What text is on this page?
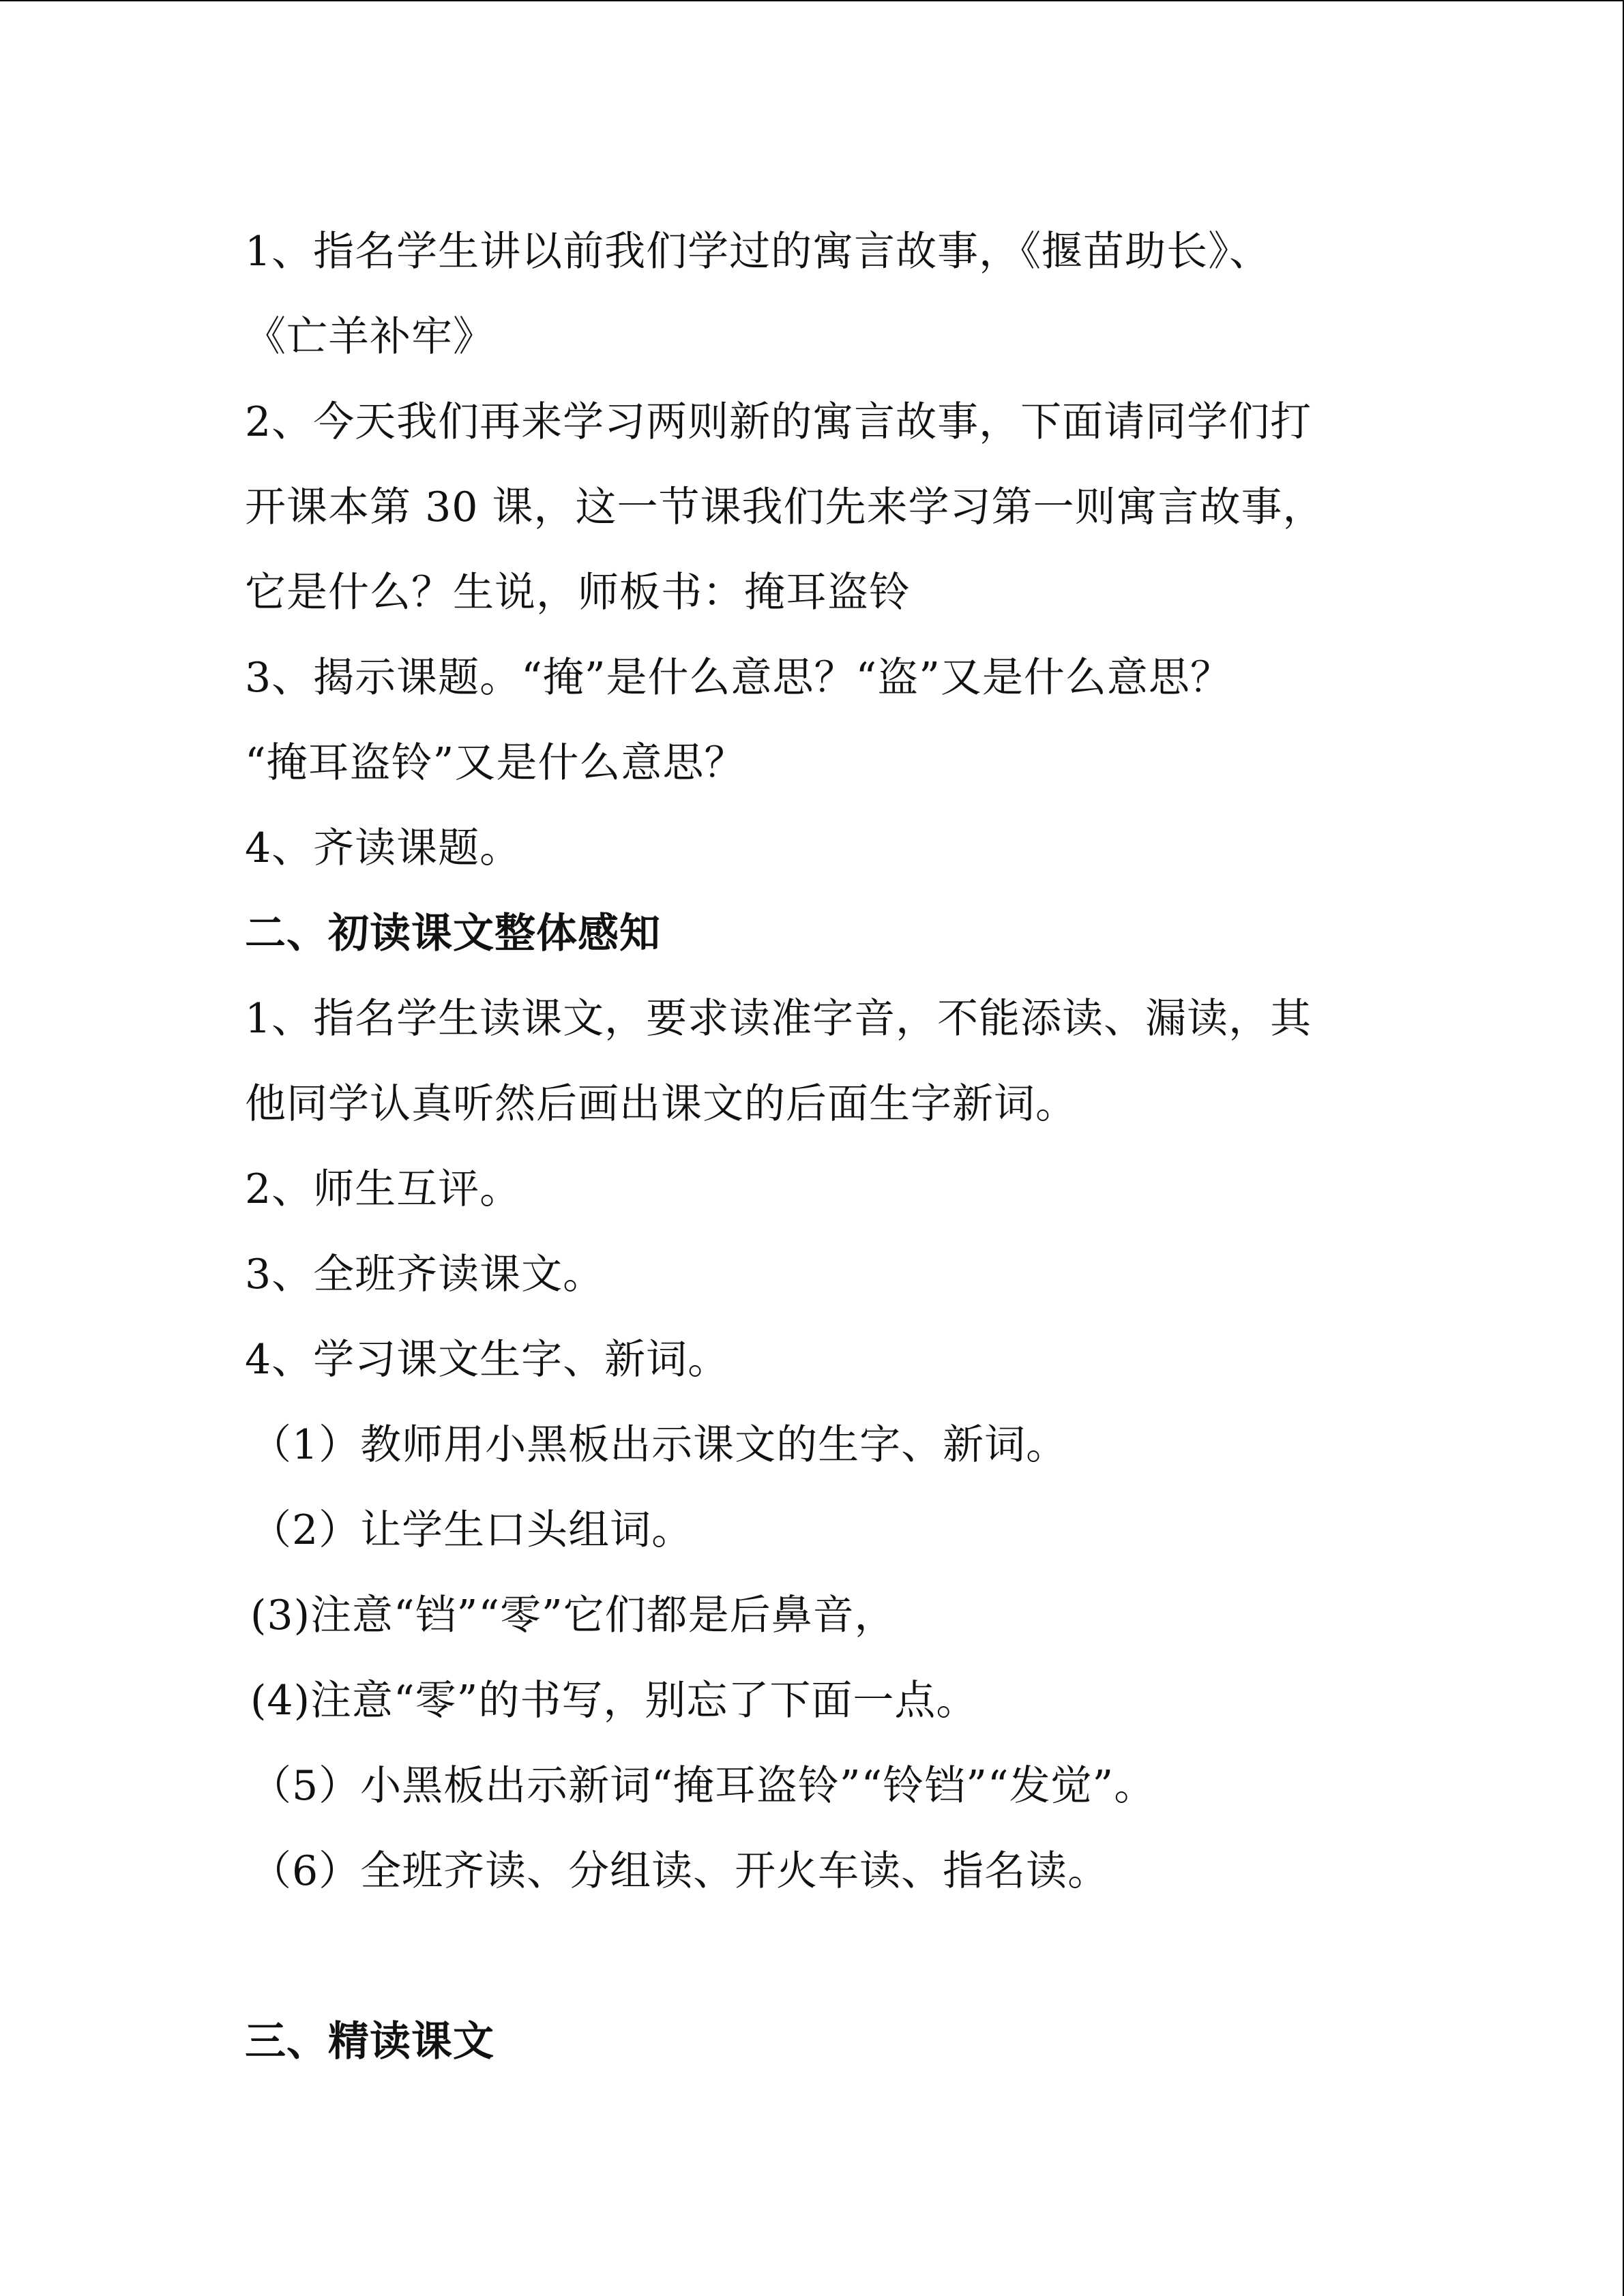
1、指名学生讲以前我们学过的寓言故事，《揠苗助长》、
《亡羊补牢》
2、今天我们再来学习两则新的寓言故事，下面请同学们打
开课本第 30 课，这一节课我们先来学习第一则寓言故事，
它是什么？生说，师板书：掩耳盗铃
3、揭示课题。“掩”是什么意思？“盗”又是什么意思？
“掩耳盗铃”又是什么意思？
4、齐读课题。
二、初读课文整体感知
1、指名学生读课文，要求读准字音，不能添读、漏读，其
他同学认真听然后画出课文的后面生字新词。
2、师生互评。
3、全班齐读课文。
4、学习课文生字、新词。
（1）教师用小黑板出示课文的生字、新词。
（2）让学生口头组词。
(3)注意“铛”“零”它们都是后鼻音，
(4)注意“零”的书写，别忘了下面一点。
（5）小黑板出示新词“掩耳盗铃”“铃铛”“发觉”。
（6）全班齐读、分组读、开火车读、指名读。
三、精读课文
